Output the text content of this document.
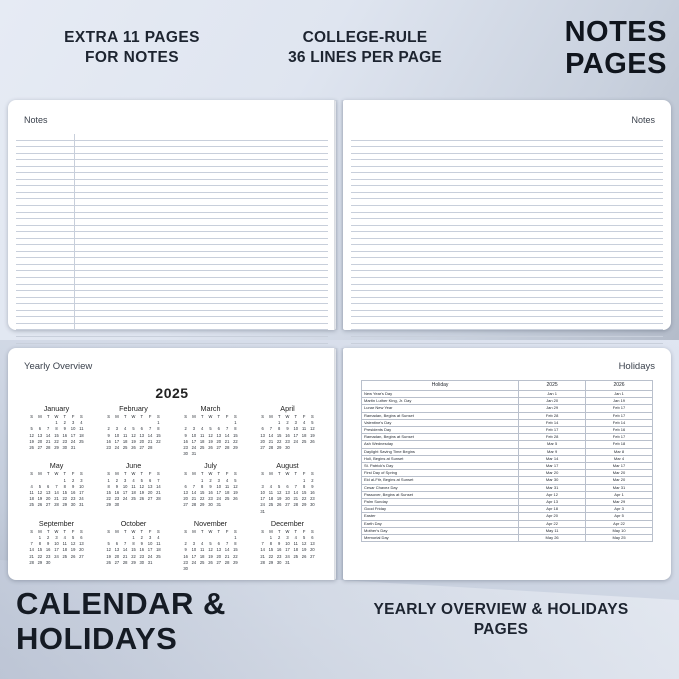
EXTRA 11 PAGES
FOR NOTES
COLLEGE-RULE
36 LINES PER PAGE
NOTES
PAGES
Notes	Notes
Yearly Overview
2025
January
S	M	T	W	T	F	S
			1	2	3	4
5	6	7	8	9	10	11
12	13	14	15	16	17	18
19	20	21	22	23	24	25
26	27	28	29	30	31	
February
S	M	T	W	T	F	S
						1
2	3	4	5	6	7	8
9	10	11	12	13	14	15
16	17	18	19	20	21	22
23	24	25	26	27	28	
March
S	M	T	W	T	F	S
						1
2	3	4	5	6	7	8
9	10	11	12	13	14	15
16	17	18	19	20	21	22
23	24	25	26	27	28	29
30	31					
April
S	M	T	W	T	F	S
		1	2	3	4	5
6	7	8	9	10	11	12
13	14	15	16	17	18	19
20	21	22	23	24	25	26
27	28	29	30			
May
S	M	T	W	T	F	S
				1	2	3
4	5	6	7	8	9	10
11	12	13	14	15	16	17
18	19	20	21	22	23	24
25	26	27	28	29	30	31
June
S	M	T	W	T	F	S
1	2	3	4	5	6	7
8	9	10	11	12	13	14
15	16	17	18	19	20	21
22	23	24	25	26	27	28
29	30					
July
S	M	T	W	T	F	S
		1	2	3	4	5
6	7	8	9	10	11	12
13	14	15	16	17	18	19
20	21	22	23	24	25	26
27	28	29	30	31		
August
S	M	T	W	T	F	S
					1	2
3	4	5	6	7	8	9
10	11	12	13	14	15	16
17	18	19	20	21	22	23
24	25	26	27	28	29	30
31						
September
S	M	T	W	T	F	S
	1	2	3	4	5	6
7	8	9	10	11	12	13
14	15	16	17	18	19	20
21	22	23	24	25	26	27
28	29	30				
October
S	M	T	W	T	F	S
			1	2	3	4
5	6	7	8	9	10	11
12	13	14	15	16	17	18
19	20	21	22	23	24	25
26	27	28	29	30	31	
November
S	M	T	W	T	F	S
						1
2	3	4	5	6	7	8
9	10	11	12	13	14	15
16	17	18	19	20	21	22
23	24	25	26	27	28	29
30						
December
S	M	T	W	T	F	S
	1	2	3	4	5	6
7	8	9	10	11	12	13
14	15	16	17	18	19	20
21	22	23	24	25	26	27
28	29	30	31			
Holidays
Holiday	2025	2026
New Year's Day	Jan 1	Jan 1
Martin Luther King, Jr. Day	Jan 20	Jan 19
Lunar New Year	Jan 29	Feb 17
Ramadan, Begins at Sunset	Feb 28	Feb 17
Valentine's Day	Feb 14	Feb 14
Presidents Day	Feb 17	Feb 16
Ramadan, Begins at Sunset	Feb 28	Feb 17
Ash Wednesday	Mar 5	Feb 18
Daylight Saving Time Begins	Mar 9	Mar 8
Holi, Begins at Sunset	Mar 14	Mar 4
St. Patrick's Day	Mar 17	Mar 17
First Day of Spring	Mar 20	Mar 20
Eid al-Fitr, Begins at Sunset	Mar 30	Mar 20
Cesar Chavez Day	Mar 31	Mar 31
Passover, Begins at Sunset	Apr 12	Apr 1
Palm Sunday	Apr 13	Mar 29
Good Friday	Apr 18	Apr 3
Easter	Apr 20	Apr 5
Earth Day	Apr 22	Apr 22
Mother's Day	May 11	May 10
Memorial Day	May 26	May 25
CALENDAR &
HOLIDAYS
YEARLY OVERVIEW & HOLIDAYS
PAGES
